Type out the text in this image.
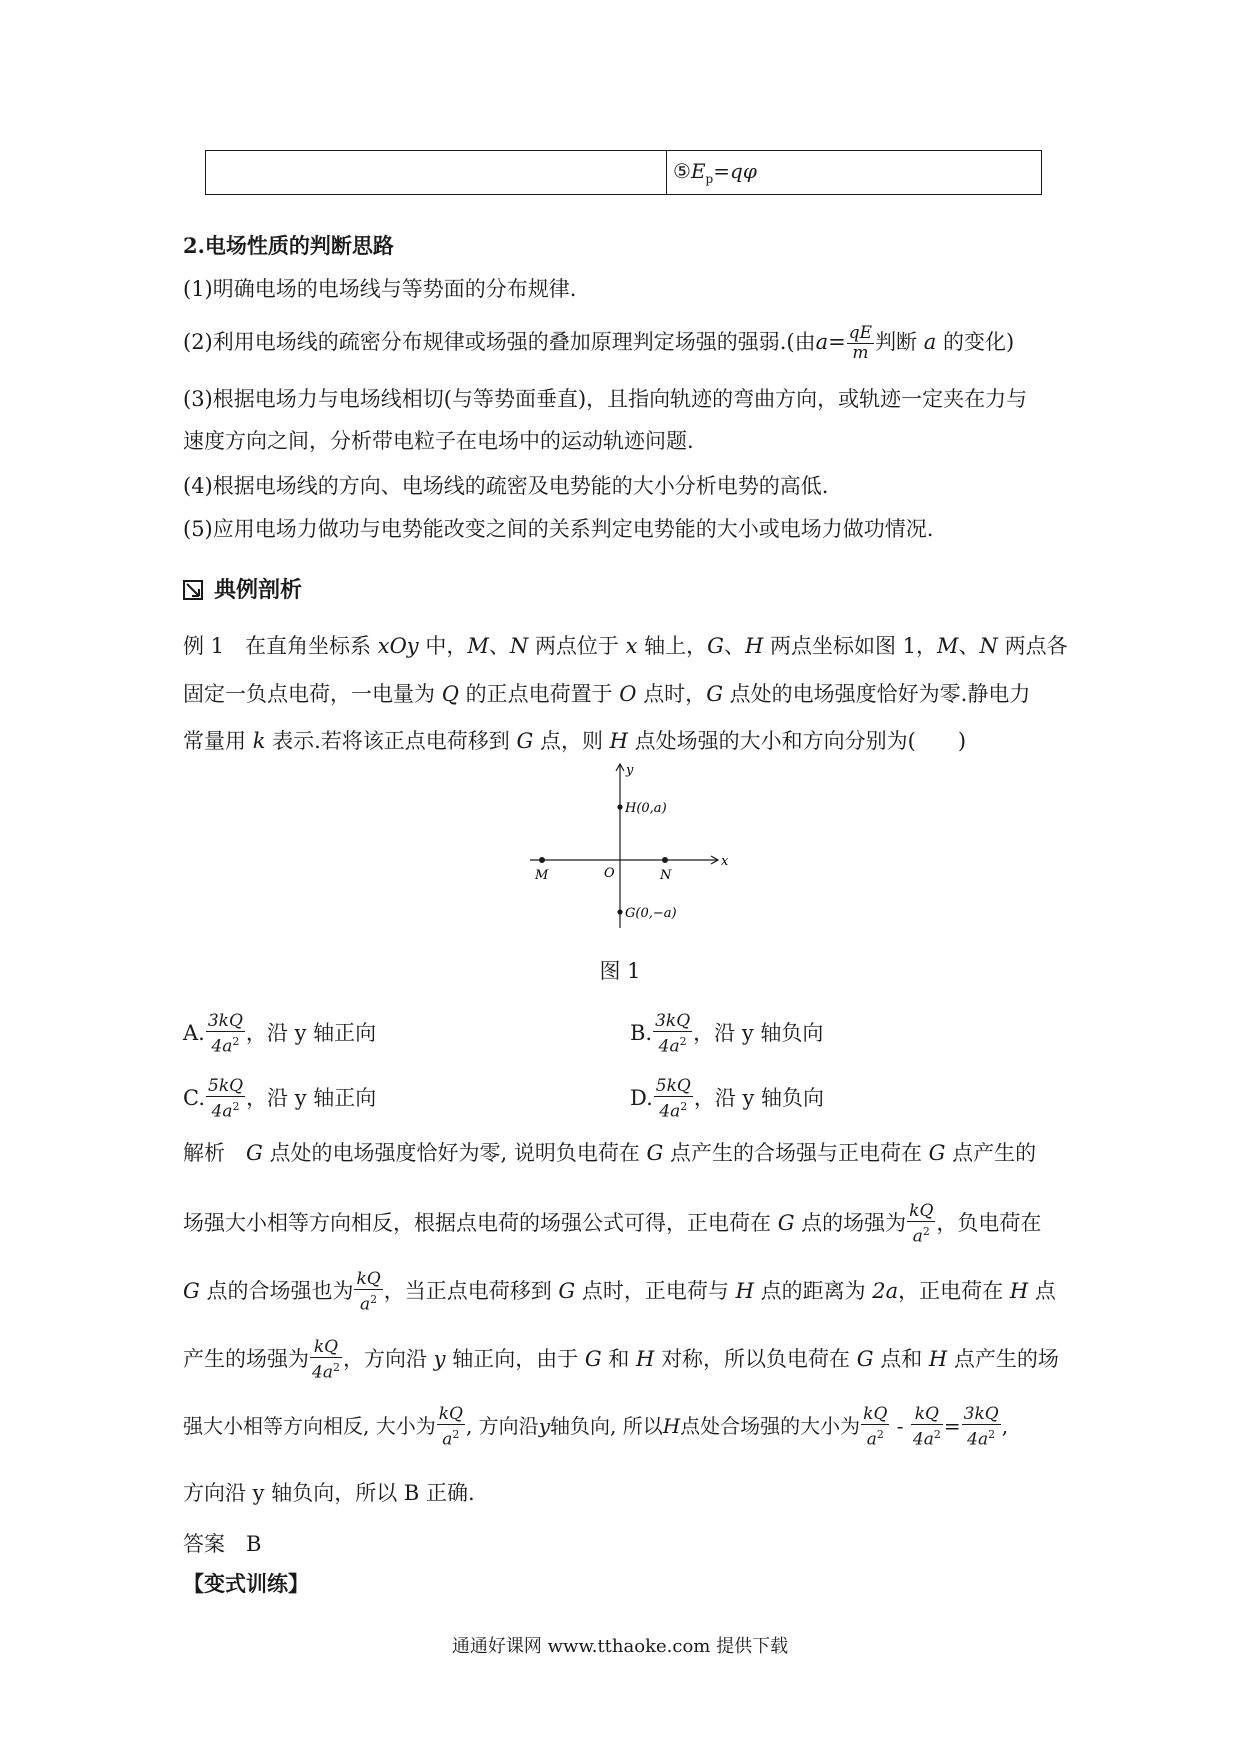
	$⑤E_p=q\varphi$
2.电场性质的判断思路
(1)明确电场的电场线与等势面的分布规律.
(2)利用电场线的疏密分布规律或场强的叠加原理判定场强的强弱.(由$a= \frac{qE}{m}$ 判断 a 的变化)
(3)根据电场力与电场线相切(与等势面垂直)，且指向轨迹的弯曲方向，或轨迹一定夹在力与
速度方向之间，分析带电粒子在电场中的运动轨迹问题.
(4)根据电场线的方向、电场线的疏密及电势能的大小分析电势的高低.
(5)应用电场力做功与电势能改变之间的关系判定电势能的大小或电场力做功情况.
典例剖析
例 1　 在直角坐标系 xOy 中，M、N 两点位于 x 轴上，G、H 两点坐标如图 1，M、N 两点各
固定一负点电荷，一电量为 Q 的正点电荷置于 O 点时，G 点处的电场强度恰好为零.静电力
常量用 k 表示.若将该正点电荷移到 G 点，则 H 点处场强的大小和方向分别为(　　)
y
x
O
M	N
H(0,a)
G(0,−a)
图 1
A. $\frac{3kQ}{4a^2}$ ，沿 y 轴正向	B. $\frac{3kQ}{4a^2}$ ，沿 y 轴负向
C. $\frac{5kQ}{4a^2}$ ，沿 y 轴正向	D. $\frac{5kQ}{4a^2}$ ，沿 y 轴负向
解析　 G 点处的电场强度恰好为零, 说明负电荷在 G 点产生的合场强与正电荷在 G 点产生的
场强大小相等方向相反，根据点电荷的场强公式可得，正电荷在 G 点的场强为 $\frac{kQ}{a^2}$ ，负电荷在
G 点的合场强也为 $\frac{kQ}{a^2}$ ，当正点电荷移到 G 点时，正电荷与 H 点的距离为 2a，正电荷在 H 点
产生的场强为 $\frac{kQ}{4a^2}$ ，方向沿 y 轴正向，由于 G 和 H 对称，所以负电荷在 G 点和 H 点产生的场
强大小相等方向相反, 大小为 $\frac{kQ}{a^2}$ , 方向沿y轴负向, 所以H点处合场强的大小为 $\frac{kQ}{a^2} - \frac{kQ}{4a^2} = \frac{3kQ}{4a^2}$ ,
方向沿 y 轴负向，所以 B 正确.
答案　 B
【变式训练】
通通好课网 www.tthaoke.com 提供下载
